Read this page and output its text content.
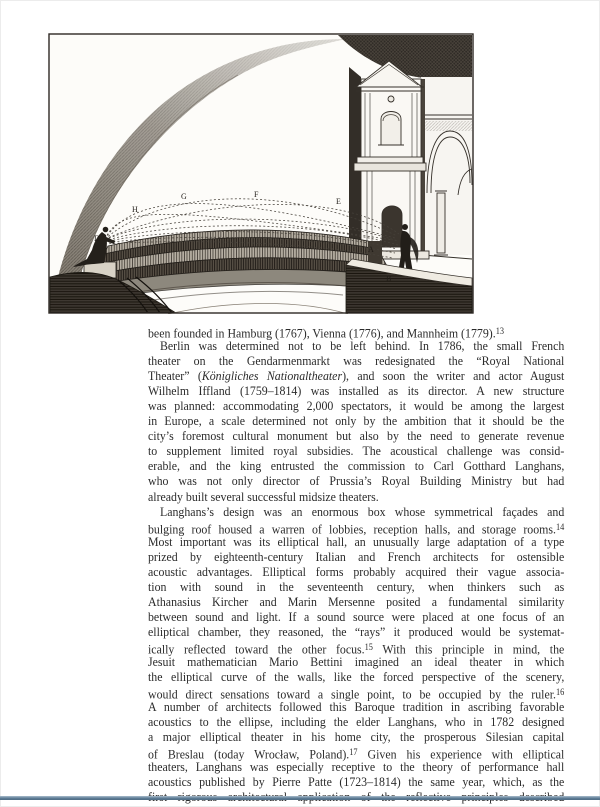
D
H
G	F
E
A
B
been founded in Hamburg (1767), Vienna (1776), and Mannheim (1779).$^{13}$
Berlin was determined not to be left behind. In 1786, the small French
theater on the Gendarmenmarkt was redesignated the “Royal National
Theater” (Königliches Nationaltheater), and soon the writer and actor August
Wilhelm Iffland (1759–1814) was installed as its director. A new structure
was planned: accommodating 2,000 spectators, it would be among the largest
in Europe, a scale determined not only by the ambition that it should be the
city’s foremost cultural monument but also by the need to generate revenue
to supplement limited royal subsidies. The acoustical challenge was consid-
erable, and the king entrusted the commission to Carl Gotthard Langhans,
who was not only director of Prussia’s Royal Building Ministry but had
already built several successful midsize theaters.
Langhans’s design was an enormous box whose symmetrical façades and
bulging roof housed a warren of lobbies, reception halls, and storage rooms.$^{14}$
Most important was its elliptical hall, an unusually large adaptation of a type
prized by eighteenth-century Italian and French architects for ostensible
acoustic advantages. Elliptical forms probably acquired their vague associa-
tion with sound in the seventeenth century, when thinkers such as
Athanasius Kircher and Marin Mersenne posited a fundamental similarity
between sound and light. If a sound source were placed at one focus of an
elliptical chamber, they reasoned, the “rays” it produced would be systemat-
ically reflected toward the other focus.$^{15}$ With this principle in mind, the
Jesuit mathematician Mario Bettini imagined an ideal theater in which
the elliptical curve of the walls, like the forced perspective of the scenery,
would direct sensations toward a single point, to be occupied by the ruler.$^{16}$
A number of architects followed this Baroque tradition in ascribing favorable
acoustics to the ellipse, including the elder Langhans, who in 1782 designed
a major elliptical theater in his home city, the prosperous Silesian capital
of Breslau (today Wrocław, Poland).$^{17}$ Given his experience with elliptical
theaters, Langhans was especially receptive to the theory of performance hall
acoustics published by Pierre Patte (1723–1814) the same year, which, as the
